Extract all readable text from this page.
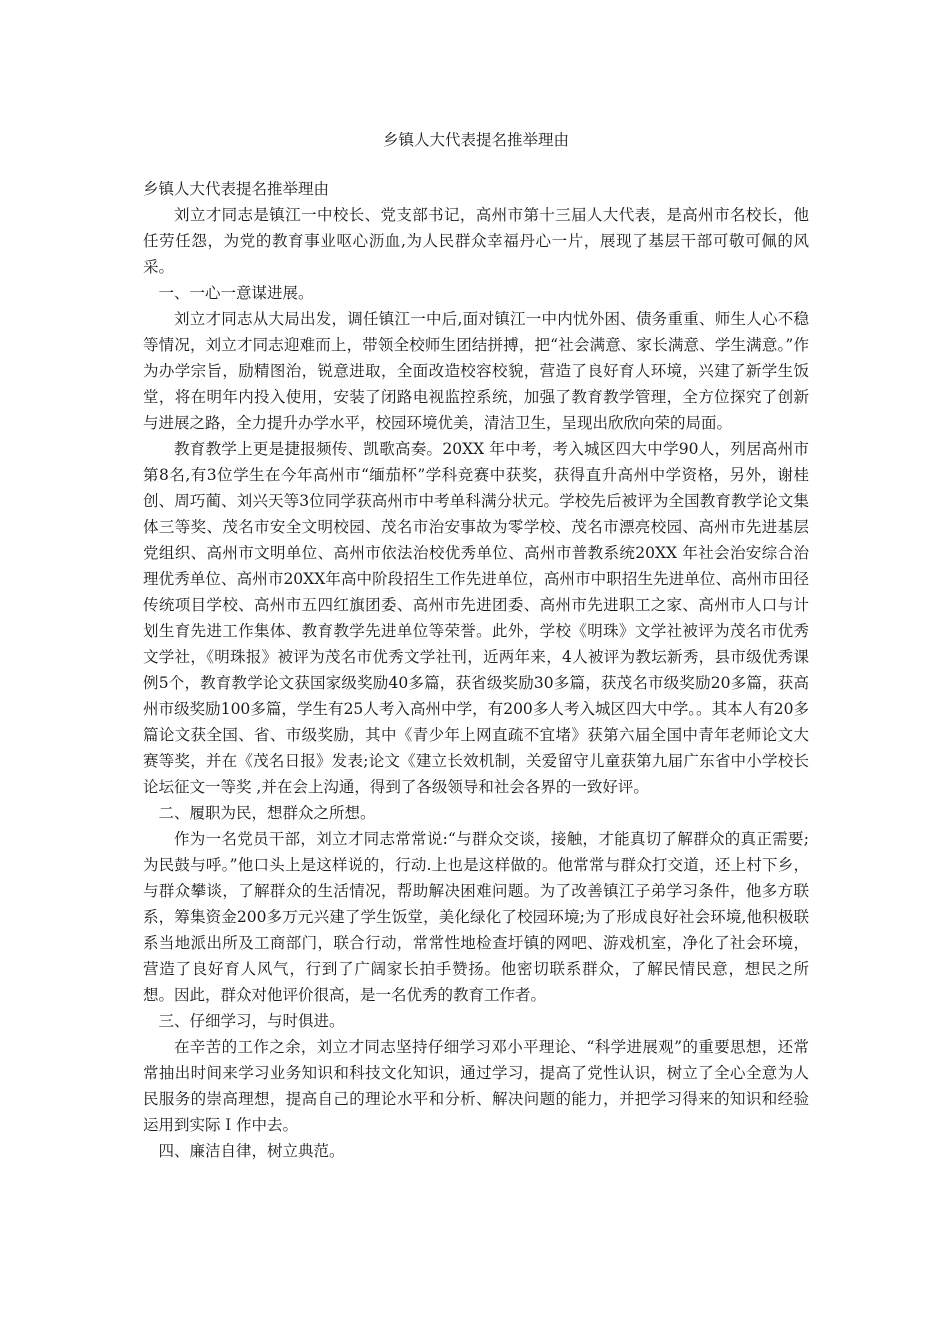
乡镇人大代表提名推举理由

乡镇人大代表提名推举理由

刘立才同志是镇江一中校长、党支部书记，高州市第十三届人大代表，是高州市名校长，他任劳任怨，为党的教育事业呕心沥血,为人民群众幸福丹心一片，展现了基层干部可敬可佩的风采。

一、一心一意谋进展。

刘立才同志从大局出发，调任镇江一中后,面对镇江一中内忧外困、债务重重、师生人心不稳等情况，刘立才同志迎难而上，带领全校师生团结拼搏，把“社会满意、家长满意、学生满意。”作为办学宗旨，励精图治，锐意进取，全面改造校容校貌，营造了良好育人环境，兴建了新学生饭堂，将在明年内投入使用，安装了闭路电视监控系统，加强了教育教学管理，全方位探究了创新与进展之路，全力提升办学水平，校园环境优美，清洁卫生，呈现出欣欣向荣的局面。

教育教学上更是捷报频传、凯歌高奏。20XX 年中考，考入城区四大中学90人，列居高州市第8名,有3位学生在今年高州市“缅茄杯”学科竞赛中获奖，获得直升高州中学资格，另外，谢桂创、周巧蔺、刘兴天等3位同学获高州市中考单科满分状元。学校先后被评为全国教育教学论文集体三等奖、茂名市安全文明校园、茂名市治安事故为零学校、茂名市漂亮校园、高州市先进基层党组织、高州市文明单位、高州市依法治校优秀单位、高州市普教系统20XX 年社会治安综合治理优秀单位、高州市20XX年高中阶段招生工作先进单位，高州市中职招生先进单位、高州市田径传统项目学校、高州市五四红旗团委、高州市先进团委、高州市先进职工之家、高州市人口与计划生育先进工作集体、教育教学先进单位等荣誉。此外，学校《明珠》文学社被评为茂名市优秀文学社，《明珠报》被评为茂名市优秀文学社刊，近两年来，4人被评为教坛新秀，县市级优秀课例5个，教育教学论文获国家级奖励40多篇，获省级奖励30多篇，获茂名市级奖励20多篇，获高州市级奖励100多篇，学生有25人考入高州中学，有200多人考入城区四大中学。。其本人有20多篇论文获全国、省、市级奖励，其中《青少年上网直疏不宜堵》获第六届全国中青年老师论文大赛等奖，并在《茂名日报》发表;论文《建立长效机制，关爱留守儿童获第九届广东省中小学校长论坛征文一等奖 ,并在会上沟通，得到了各级领导和社会各界的一致好评。

二、履职为民，想群众之所想。

作为一名党员干部，刘立才同志常常说:“与群众交谈，接触，才能真切了解群众的真正需要;为民鼓与呼。”他口头上是这样说的，行动.上也是这样做的。他常常与群众打交道，还上村下乡，与群众攀谈，了解群众的生活情况，帮助解决困难问题。为了改善镇江子弟学习条件，他多方联系，筹集资金200多万元兴建了学生饭堂，美化绿化了校园环境;为了形成良好社会环境,他积极联系当地派出所及工商部门，联合行动，常常性地检查圩镇的网吧、游戏机室，净化了社会环境，营造了良好育人风气，行到了广阔家长拍手赞扬。他密切联系群众，了解民情民意，想民之所想。因此，群众对他评价很高，是一名优秀的教育工作者。

三、仔细学习，与时俱进。

在辛苦的工作之余，刘立才同志坚持仔细学习邓小平理论、“科学进展观”的重要思想，还常常抽出时间来学习业务知识和科技文化知识，通过学习，提高了党性认识，树立了全心全意为人民服务的崇高理想，提高自己的理论水平和分析、解决问题的能力，并把学习得来的知识和经验运用到实际Ｉ作中去。

四、廉洁自律，树立典范。
